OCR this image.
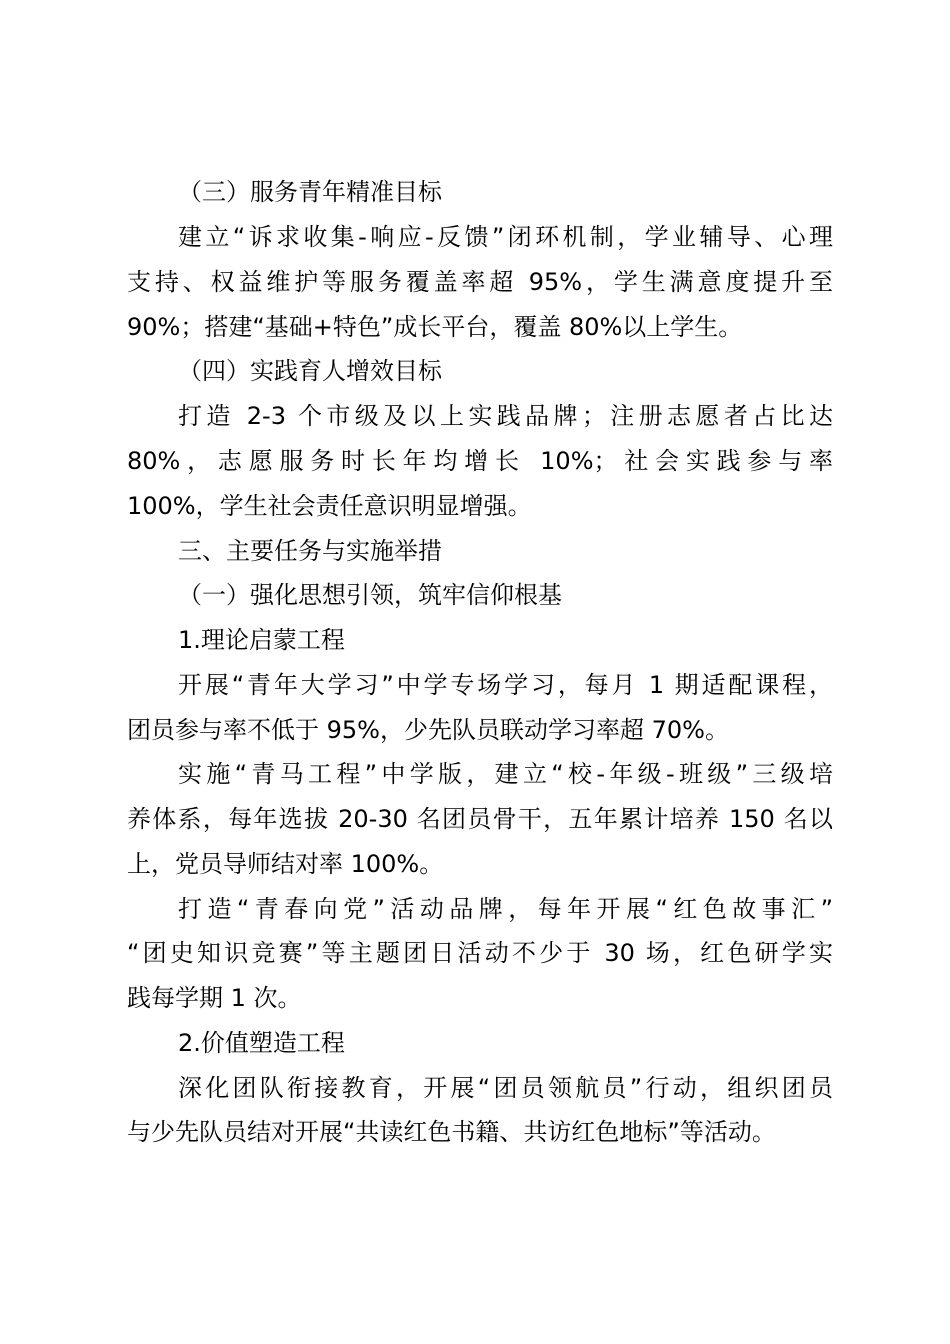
（三）服务青年精准目标
建立“诉求收集-响应-反馈”闭环机制，学业辅导、心理
支持、权益维护等服务覆盖率超 95%，学生满意度提升至
90%；搭建“基础+特色”成长平台，覆盖 80%以上学生。
（四）实践育人增效目标
打造 2-3 个市级及以上实践品牌；注册志愿者占比达
80%，志愿服务时长年均增长 10%；社会实践参与率
100%，学生社会责任意识明显增强。
三、主要任务与实施举措
（一）强化思想引领，筑牢信仰根基
1.理论启蒙工程
开展“青年大学习”中学专场学习，每月 1 期适配课程，
团员参与率不低于 95%，少先队员联动学习率超 70%。
实施“青马工程”中学版，建立“校-年级-班级”三级培
养体系，每年选拔 20-30 名团员骨干，五年累计培养 150 名以
上，党员导师结对率 100%。
打造“青春向党”活动品牌，每年开展“红色故事汇”
“团史知识竞赛”等主题团日活动不少于 30 场，红色研学实
践每学期 1 次。
2.价值塑造工程
深化团队衔接教育，开展“团员领航员”行动，组织团员
与少先队员结对开展“共读红色书籍、共访红色地标”等活动。
